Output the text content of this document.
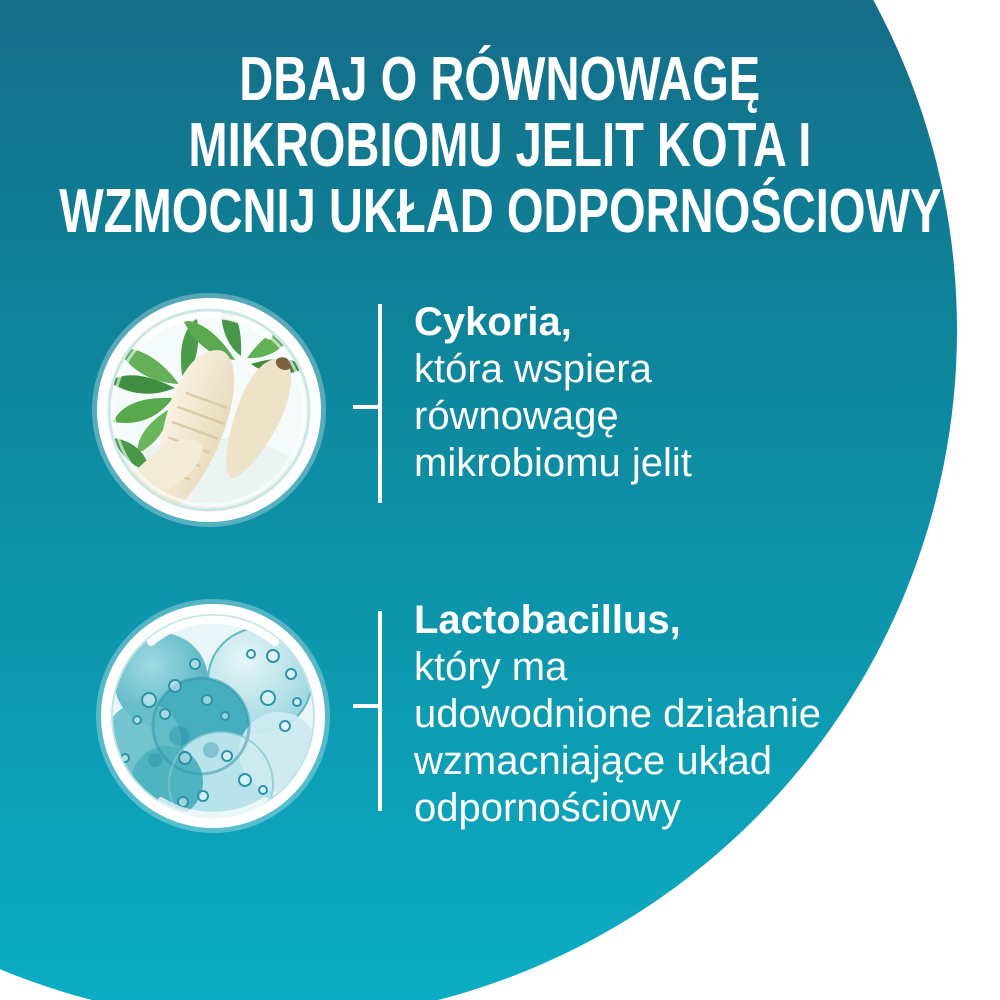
DBAJ O RÓWNOWAGĘ
MIKROBIOMU JELIT KOTA I
WZMOCNIJ UKŁAD ODPORNOŚCIOWY
Cykoria,
która wspiera
równowagę
mikrobiomu jelit
Lactobacillus,
który ma
udowodnione działanie
wzmacniające układ
odpornościowy
